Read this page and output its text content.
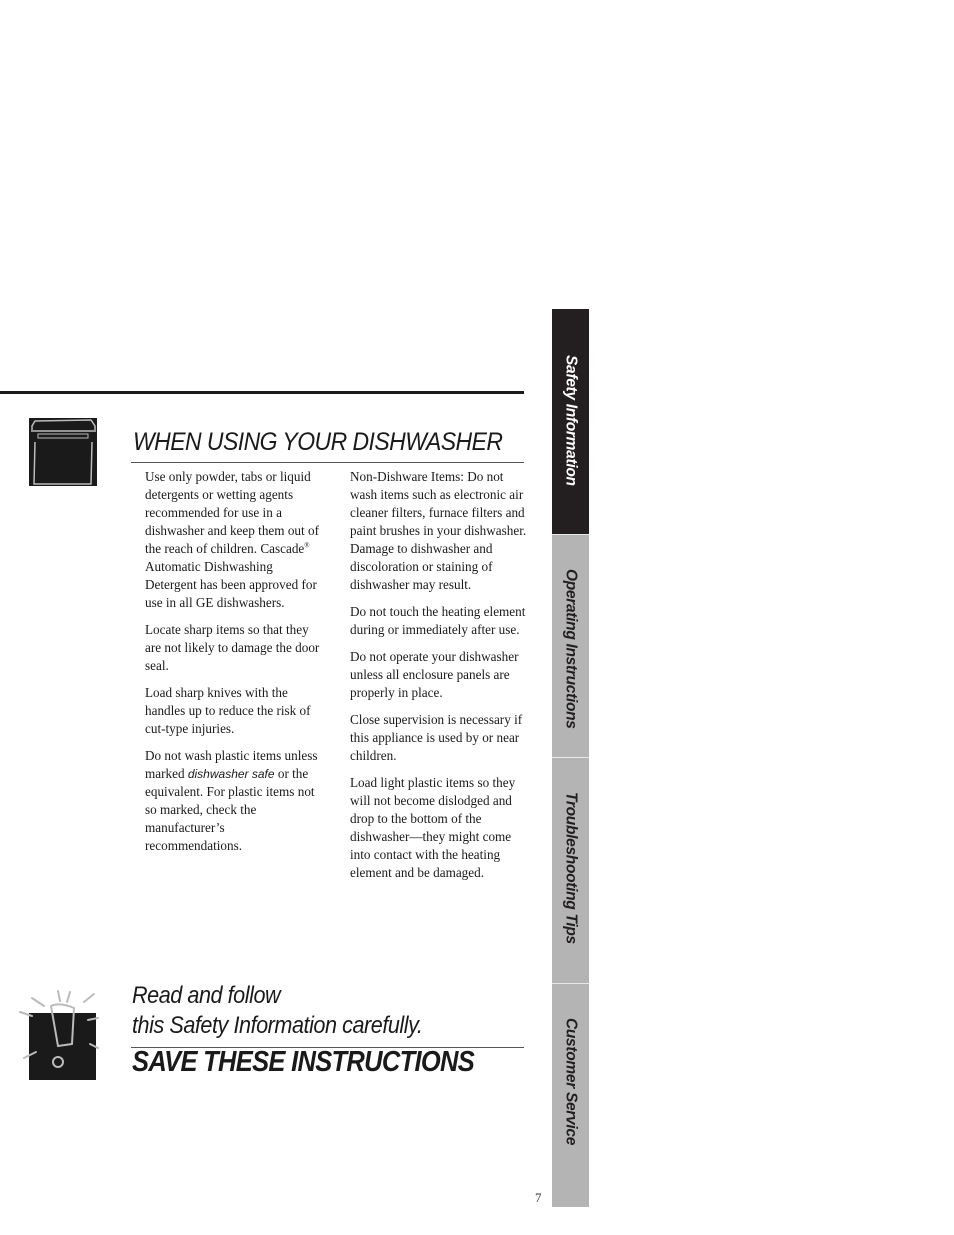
WHEN USING YOUR DISHWASHER

Use only powder, tabs or liquid detergents or wetting agents recommended for use in a dishwasher and keep them out of the reach of children. Cascade® Automatic Dishwashing Detergent has been approved for use in all GE dishwashers.

Locate sharp items so that they are not likely to damage the door seal.

Load sharp knives with the handles up to reduce the risk of cut-type injuries.

Do not wash plastic items unless marked dishwasher safe or the equivalent. For plastic items not so marked, check the manufacturer’s recommendations.

Non-Dishware Items: Do not wash items such as electronic air cleaner filters, furnace filters and paint brushes in your dishwasher. Damage to dishwasher and discoloration or staining of dishwasher may result.

Do not touch the heating element during or immediately after use.

Do not operate your dishwasher unless all enclosure panels are properly in place.

Close supervision is necessary if this appliance is used by or near children.

Load light plastic items so they will not become dislodged and drop to the bottom of the dishwasher—they might come into contact with the heating element and be damaged.

Read and follow
this Safety Information carefully.
SAVE THESE INSTRUCTIONS
7
Safety Information
Operating Instructions
Troubleshooting Tips
Customer Service
